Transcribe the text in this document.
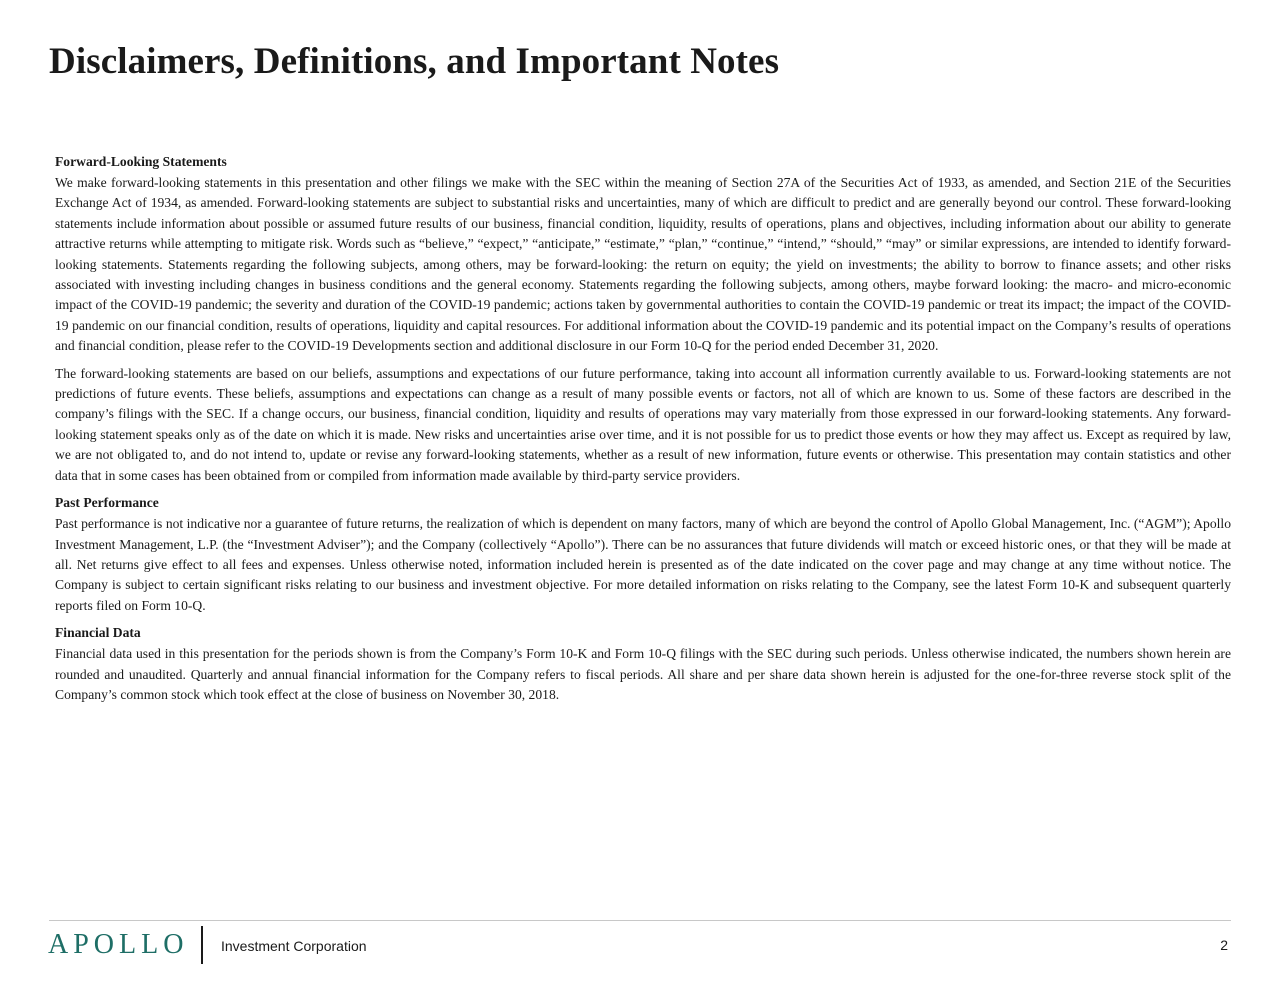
Disclaimers, Definitions, and Important Notes
Forward-Looking Statements

We make forward-looking statements in this presentation and other filings we make with the SEC within the meaning of Section 27A of the Securities Act of 1933, as amended, and Section 21E of the Securities Exchange Act of 1934, as amended. Forward-looking statements are subject to substantial risks and uncertainties, many of which are difficult to predict and are generally beyond our control. These forward-looking statements include information about possible or assumed future results of our business, financial condition, liquidity, results of operations, plans and objectives, including information about our ability to generate attractive returns while attempting to mitigate risk. Words such as “believe,” “expect,” “anticipate,” “estimate,” “plan,” “continue,” “intend,” “should,” “may” or similar expressions, are intended to identify forward-looking statements. Statements regarding the following subjects, among others, may be forward-looking: the return on equity; the yield on investments; the ability to borrow to finance assets; and other risks associated with investing including changes in business conditions and the general economy. Statements regarding the following subjects, among others, maybe forward looking: the macro- and micro-economic impact of the COVID-19 pandemic; the severity and duration of the COVID-19 pandemic; actions taken by governmental authorities to contain the COVID-19 pandemic or treat its impact; the impact of the COVID-19 pandemic on our financial condition, results of operations, liquidity and capital resources. For additional information about the COVID-19 pandemic and its potential impact on the Company’s results of operations and financial condition, please refer to the COVID-19 Developments section and additional disclosure in our Form 10-Q for the period ended December 31, 2020.

The forward-looking statements are based on our beliefs, assumptions and expectations of our future performance, taking into account all information currently available to us. Forward-looking statements are not predictions of future events. These beliefs, assumptions and expectations can change as a result of many possible events or factors, not all of which are known to us. Some of these factors are described in the company’s filings with the SEC. If a change occurs, our business, financial condition, liquidity and results of operations may vary materially from those expressed in our forward-looking statements. Any forward-looking statement speaks only as of the date on which it is made. New risks and uncertainties arise over time, and it is not possible for us to predict those events or how they may affect us. Except as required by law, we are not obligated to, and do not intend to, update or revise any forward-looking statements, whether as a result of new information, future events or otherwise. This presentation may contain statistics and other data that in some cases has been obtained from or compiled from information made available by third-party service providers.

Past Performance

Past performance is not indicative nor a guarantee of future returns, the realization of which is dependent on many factors, many of which are beyond the control of Apollo Global Management, Inc. (“AGM”); Apollo Investment Management, L.P. (the “Investment Adviser”); and the Company (collectively “Apollo”). There can be no assurances that future dividends will match or exceed historic ones, or that they will be made at all. Net returns give effect to all fees and expenses. Unless otherwise noted, information included herein is presented as of the date indicated on the cover page and may change at any time without notice. The Company is subject to certain significant risks relating to our business and investment objective. For more detailed information on risks relating to the Company, see the latest Form 10-K and subsequent quarterly reports filed on Form 10-Q.

Financial Data

Financial data used in this presentation for the periods shown is from the Company’s Form 10-K and Form 10-Q filings with the SEC during such periods. Unless otherwise indicated, the numbers shown herein are rounded and unaudited. Quarterly and annual financial information for the Company refers to fiscal periods. All share and per share data shown herein is adjusted for the one-for-three reverse stock split of the Company’s common stock which took effect at the close of business on November 30, 2018.

APOLLO Investment Corporation	2
